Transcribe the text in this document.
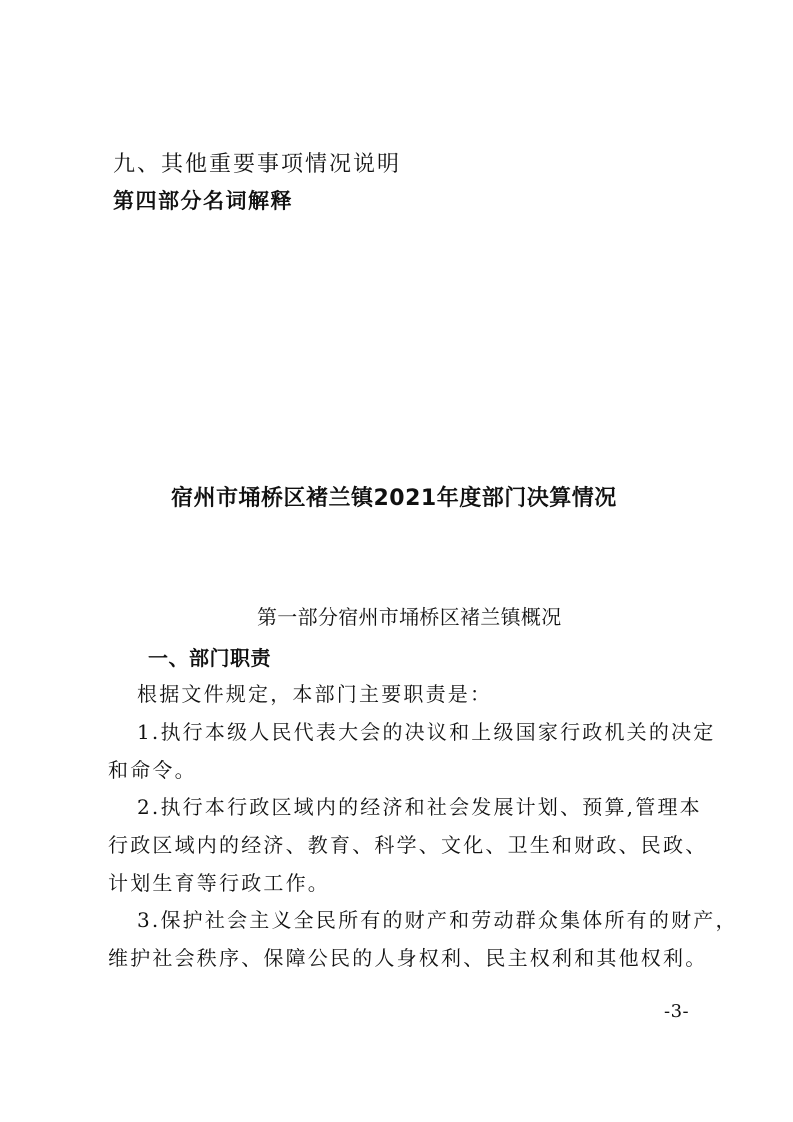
九、其他重要事项情况说明
第四部分名词解释
宿州市埇桥区褚兰镇2021年度部门决算情况
第一部分宿州市埇桥区褚兰镇概况
一、部门职责
根据文件规定，本部门主要职责是：
1.执行本级人民代表大会的决议和上级国家行政机关的决定
和命令。
2.执行本行政区域内的经济和社会发展计划、预算,管理本
行政区域内的经济、教育、科学、文化、卫生和财政、民政、
计划生育等行政工作。
3.保护社会主义全民所有的财产和劳动群众集体所有的财产，
维护社会秩序、保障公民的人身权利、民主权利和其他权利。
-3-
